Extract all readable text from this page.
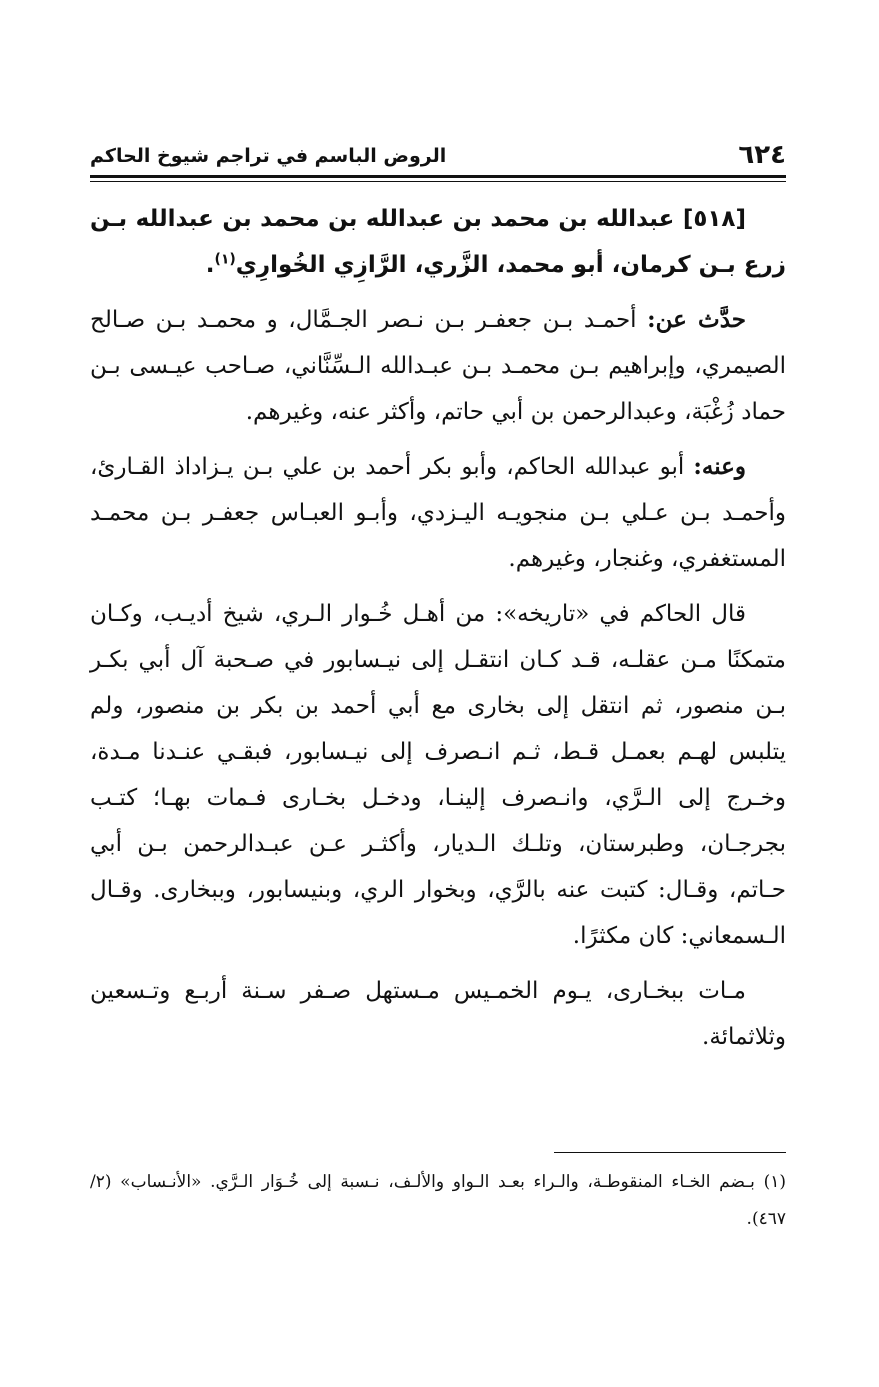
٦٢٤
الروض الباسم في تراجم شيوخ الحاكم

[٥١٨] عبدالله بن محمد بن عبدالله بن محمد بن عبدالله بـن زرع بـن كرمان، أبو محمد، الزَّري، الرَّازِي الخُوارِي$^{(١)}$.

حدَّث عن: أحمـد بـن جعفـر بـن نـصر الجـمَّال، و محمـد بـن صـالح الصيمري، وإبراهيم بـن محمـد بـن عبـدالله الـسِّنَّاني، صـاحب عيـسى بـن حماد زُغْبَة، وعبدالرحمن بن أبي حاتم، وأكثر عنه، وغيرهم.

وعنه: أبو عبدالله الحاكم، وأبو بكر أحمد بن علي بـن يـزاداذ القـارئ، وأحمـد بـن عـلي بـن منجويـه اليـزدي، وأبـو العبـاس جعفـر بـن محمـد المستغفري، وغنجار، وغيرهم.

قال الحاكم في «تاريخه»: من أهـل خُـوار الـري، شيخ أديـب، وكـان متمكنًا مـن عقلـه، قـد كـان انتقـل إلى نيـسابور في صـحبة آل أبي بكـر بـن منصور، ثم انتقل إلى بخارى مع أبي أحمد بن بكر بن منصور، ولم يتلبس لهـم بعمـل قـط، ثـم انـصرف إلى نيـسابور، فبقـي عنـدنا مـدة، وخـرج إلى الـرَّي، وانـصرف إلينـا، ودخـل بخـارى فـمات بهـا؛ كتـب بجرجـان، وطبرستان، وتلـك الـديار، وأكثـر عـن عبـدالرحمن بـن أبي حـاتم، وقـال: كتبت عنه بالرَّي، وبخوار الري، وبنيسابور، وببخارى. وقـال الـسمعاني: كان مكثرًا.

مـات ببخـارى، يـوم الخمـيس مـستهل صـفر سـنة أربـع وتـسعين وثلاثمائة.

(١) بـضم الخـاء المنقوطـة، والـراء بعـد الـواو والألـف، نـسبة إلى خُـوَار الـرَّي. «الأنـساب» (٢/ ٤٦٧).
